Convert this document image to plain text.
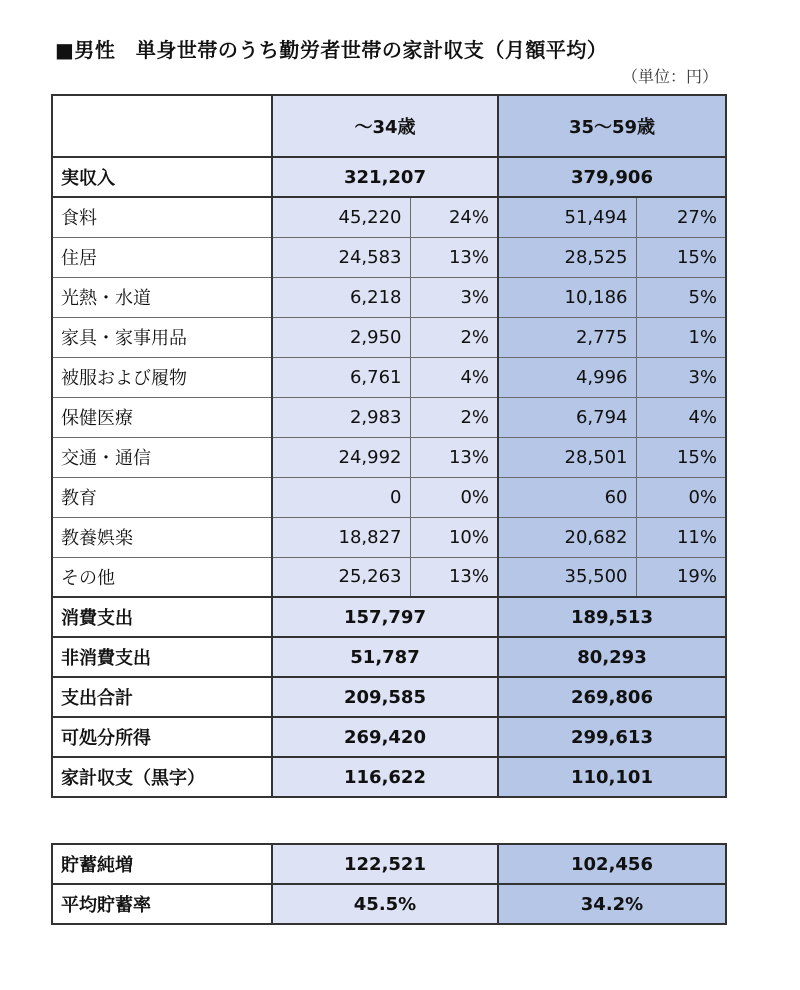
■男性　単身世帯のうち勤労者世帯の家計収支（月額平均）
（単位：円）
	～34歳		35～59歳	
実収入	321,207		379,906	
食料	45,220	24%	51,494	27%
住居	24,583	13%	28,525	15%
光熱・水道	6,218	3%	10,186	5%
家具・家事用品	2,950	2%	2,775	1%
被服および履物	6,761	4%	4,996	3%
保健医療	2,983	2%	6,794	4%
交通・通信	24,992	13%	28,501	15%
教育	0	0%	60	0%
教養娯楽	18,827	10%	20,682	11%
その他	25,263	13%	35,500	19%
消費支出	157,797		189,513	
非消費支出	51,787		80,293	
支出合計	209,585		269,806	
可処分所得	269,420		299,613	
家計収支（黒字）	116,622		110,101	
貯蓄純増	122,521	102,456
平均貯蓄率	45.5%	34.2%
